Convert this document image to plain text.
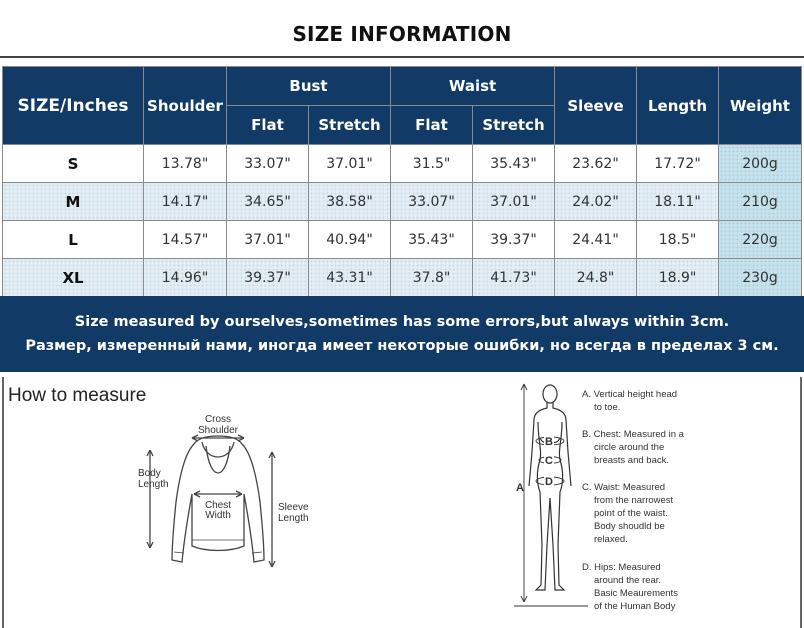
SIZE INFORMATION
SIZE/Inches	Shoulder	Bust		Waist		Sleeve	Length	Weight
		Flat	Stretch	Flat	Stretch			
S	13.78"	33.07"	37.01"	31.5"	35.43"	23.62"	17.72"	200g
M	14.17"	34.65"	38.58"	33.07"	37.01"	24.02"	18.11"	210g
L	14.57"	37.01"	40.94"	35.43"	39.37"	24.41"	18.5"	220g
XL	14.96"	39.37"	43.31"	37.8"	41.73"	24.8"	18.9"	230g
Size measured by ourselves,sometimes has some errors,but always within 3cm.
Размер, измеренный нами, иногда имеет некоторые ошибки, но всегда в пределах 3 см.
How to measure
Cross
Shoulder
Body
Length
Chest
Width
Sleeve
Length
B
C
D
A
A. Vertical height head
to toe.
B. Chest: Measured in a
circle around the
breasts and back.
C. Waist: Measured
from the narrowest
point of the waist.
Body shoudld be
relaxed.
D. Hips: Measured
around the rear.
Basic Meaurements
of the Human Body
